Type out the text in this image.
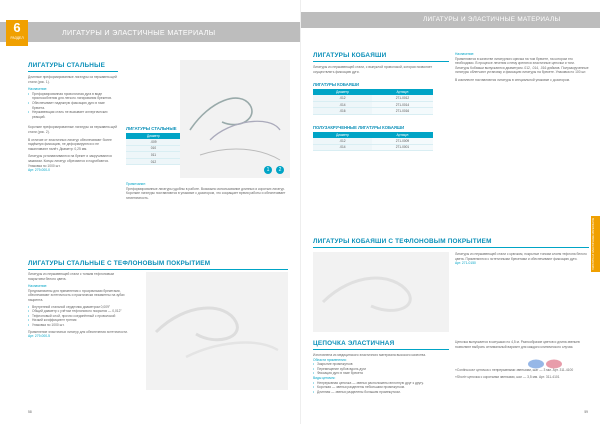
6
РАЗДЕЛ
ЛИГАТУРЫ И ЭЛАСТИЧНЫЕ МАТЕРИАЛЫ
ЛИГАТУРЫ СТАЛЬНЫЕ
Длинные преформированные лигатуры из нержавею-щей стали (рис. 1).
Назначение:
• Преформированная проволочная дуга в виде приспособления для легкого лигирования брекетов.
• Обеспечивает надежную фиксацию дуги в пазе брекета.
• Нержавеющая сталь не вызывает аллергических реакций.
Короткие преформированные лигатуры из нержавею-щей стали (рис. 2).
В отличие от эластичных лигатур обеспечивают более надёжную фиксацию, не деформируются и не накапливают налёт. Диаметр: 0,25 мм.
Лигатуры устанавливаются на брекет и закручиваются зажимом. Концы лигатур обрезаются и подгибаются. Упаковка по 1000 шт.
Арт. 279-000-0
ЛИГАТУРЫ СТАЛЬНЫЕ
Диаметр	
.009	
010	
011	
012	
1	2
Примечание:
Преформированные лигатуры удобны в работе. Возможно использование длинных и коротких лигатур. Короткие лигатуры поставляются в упаковке с дозатором, что сокращает время работы и обеспечивает гигиеничность.
ЛИГАТУРЫ СТАЛЬНЫЕ С ТЕФЛОНОВЫМ ПОКРЫТИЕМ
Лигатуры из нержавеющей стали с тонким тефлоновым покрытием белого цвета.
Назначение:
Предназначены для применения с прозрачными брекетами, обеспечивают эстетичность и практически незаметны на зубах пациента.
• Внутренний стальной сердечник диаметром 0,009"
• Общий диаметр с учётом тефлонового покрытия — 0,012"
• Тефлоновый слой, прочно соединённый с проволокой
• Низкий коэффициент трения
• Упаковка по 1000 шт.
Применение эластичных лигатур для обеспечения эстетичности. Арт. 279-000-5
58
ЛИГАТУРЫ И ЭЛАСТИЧНЫЕ МАТЕРИАЛЫ
ЛИГАТУРЫ И ЭЛАСТИЧНЫЕ МАТЕРИАЛЫ
ЛИГАТУРЫ КОБАЯШИ
Лигатуры из нержавеющей стали, с выпуклой проволокой, которая позволяет осуществлять фиксацию дуги.
ЛИГАТУРЫ КОБАЯШИ
Диаметр	Артикул
.012	271-0012
.014	271-0014
.016	271-0016
ПОЛУЗАКРУЧЕННЫЕ ЛИГАТУРЫ КОБАЯШИ
Диаметр	Артикул
.012	271-0009
.014	271-0001
Назначение:
Применяются в качестве лигатурного крючка на том брекете, на котором это необходимо. В процессе лечения к нему крепятся эластичные цепочки и тяги. Лигатуры Кобаяши выпускаются диаметром .012, .014, .016 дюймов. Полузакрученные лигатуры облегчают установку и фиксацию лигатуры на брекете. Упаковка по 100 шт.
В комплекте поставляются лигатуры в специальной упаковке с дозатором.
ЛИГАТУРЫ КОБАЯШИ С ТЕФЛОНОВЫМ ПОКРЫТИЕМ
Лигатуры из нержавеющей стали с крючком, покрытые тонким слоем тефлона белого цвета. Применяются с эстетичными брекетами и обеспечивают фиксацию дуги.
Арт. 271-0150
ЦЕПОЧКА ЭЛАСТИЧНАЯ
Изготовлена из медицинского эластичного материала высокого качества.
Области применения:
• Закрытие промежутков
• Перемещение зубов вдоль дуги
• Фиксация дуги в пазе брекета
Виды цепочек:
• Непрерывная цепочка — звенья расположены вплотную друг к другу.
• Короткая — звенья разделены небольшим промежутком.
• Длинная — звенья разделены большим промежутком.
Цепочка выпускается в катушках по 4,5 м. Разнообразие цветов и длина звеньев позволяют выбрать оптимальный вариант для каждого клинического случая.
«Continuous» цепочка с непрерывными звеньями, шаг — 3 мм. Арт. 311-4100
«Short» цепочка с короткими звеньями, шаг — 3,5 мм. Арт. 311-4101
59
